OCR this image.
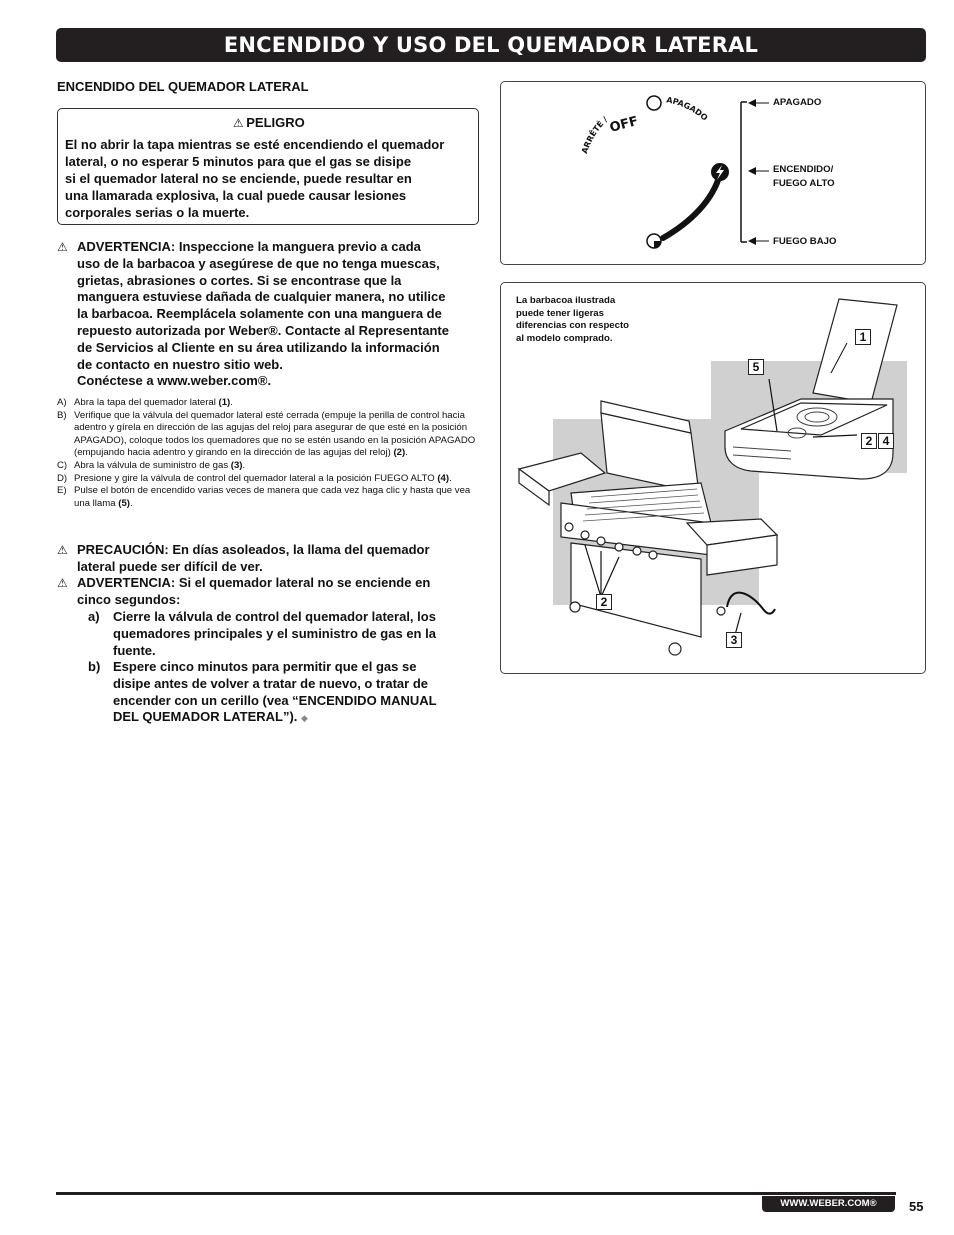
ENCENDIDO Y USO DEL QUEMADOR LATERAL
ENCENDIDO DEL QUEMADOR LATERAL
⚠ PELIGRO
El no abrir la tapa mientras se esté encendiendo el quemador
lateral, o no esperar 5 minutos para que el gas se disipe
si el quemador lateral no se enciende, puede resultar en
una llamarada explosiva, la cual puede causar lesiones
corporales serias o la muerte.
⚠ ADVERTENCIA: Inspeccione la manguera previo a cada
uso de la barbacoa y asegúrese de que no tenga muescas,
grietas, abrasiones o cortes. Si se encontrase que la
manguera estuviese dañada de cualquier manera, no utilice
la barbacoa. Reemplácela solamente con una manguera de
repuesto autorizada por Weber®. Contacte al Representante
de Servicios al Cliente en su área utilizando la información
de contacto en nuestro sitio web.
Conéctese a www.weber.com®.
A) Abra la tapa del quemador lateral (1).
B) Verifique que la válvula del quemador lateral esté cerrada (empuje la perilla de control hacia adentro y gírela en dirección de las agujas del reloj para asegurar de que esté en la posición APAGADO), coloque todos los quemadores que no se estén usando en la posición APAGADO (empujando hacia adentro y girando en la dirección de las agujas del reloj) (2).
C) Abra la válvula de suministro de gas (3).
D) Presione y gire la válvula de control del quemador lateral a la posición FUEGO ALTO (4).
E) Pulse el botón de encendido varias veces de manera que cada vez haga clic y hasta que vea una llama (5).
⚠ PRECAUCIÓN: En días asoleados, la llama del quemador
lateral puede ser difícil de ver.
⚠ ADVERTENCIA: Si el quemador lateral no se enciende en
cinco segundos:
a) Cierre la válvula de control del quemador lateral, los
quemadores principales y el suministro de gas en la
fuente.
b) Espere cinco minutos para permitir que el gas se
disipe antes de volver a tratar de nuevo, o tratar de
encender con un cerillo (vea “ENCENDIDO MANUAL
DEL QUEMADOR LATERAL”). ◆
ARRÊTÉ /
OFF
APAGADO
APAGADO
ENCENDIDO/
FUEGO ALTO
FUEGO BAJO
La barbacoa ilustrada
puede tener ligeras
diferencias con respecto
al modelo comprado.	1
5
2 4
2
3
WWW.WEBER.COM®	55
